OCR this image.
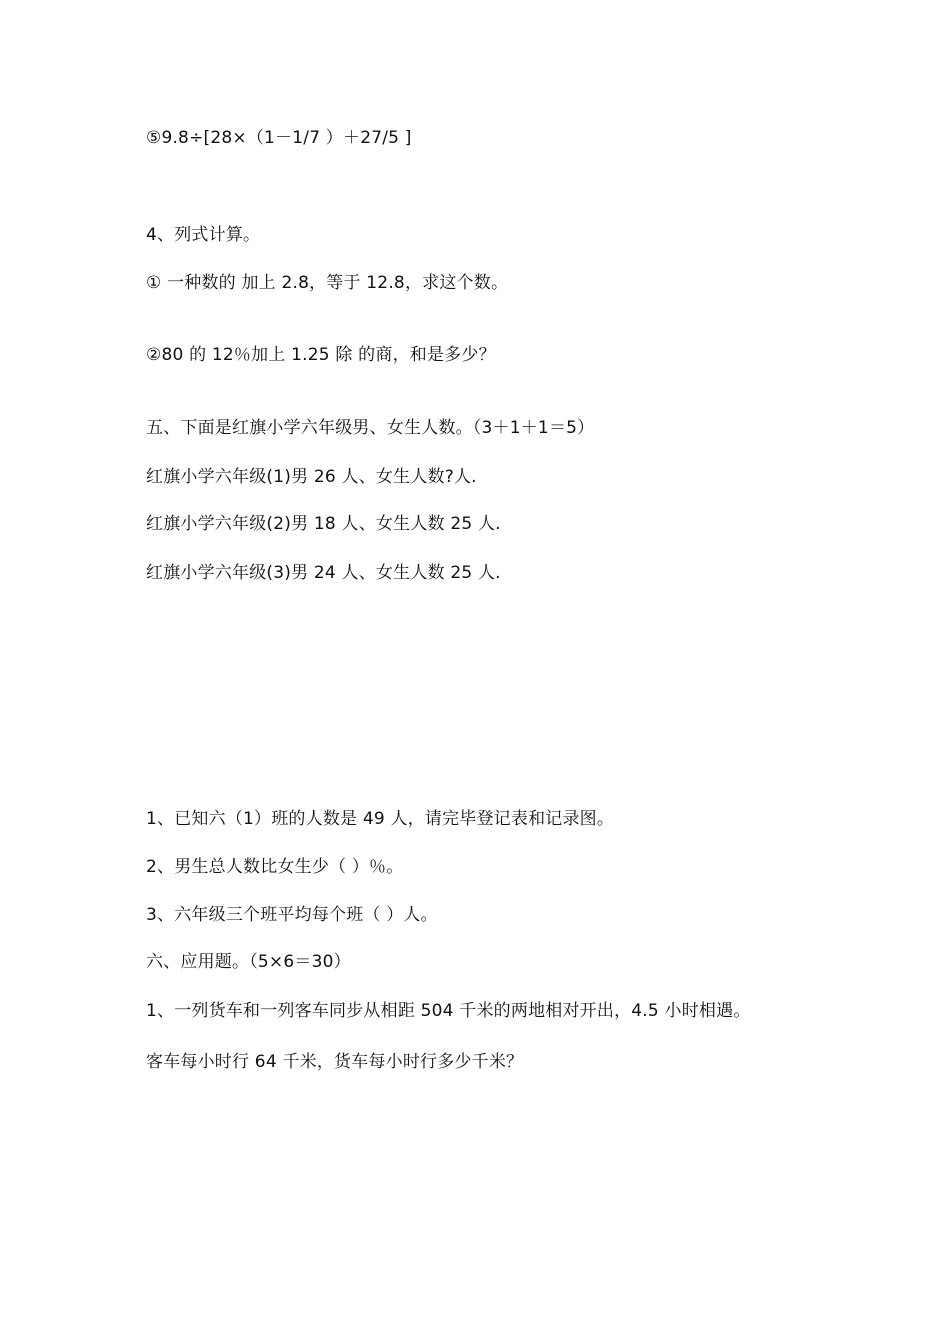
⑤9.8÷[28×（1－1/7 ）＋27/5 ]
4、列式计算。
① 一种数的 加上 2.8，等于 12.8，求这个数。
②80 的 12％加上 1.25 除 的商，和是多少？
五、下面是红旗小学六年级男、女生人数。（3＋1＋1＝5）
红旗小学六年级(1)男 26 人、女生人数?人.
红旗小学六年级(2)男 18 人、女生人数 25 人.
红旗小学六年级(3)男 24 人、女生人数 25 人.
1、已知六（1）班的人数是 49 人，请完毕登记表和记录图。
2、男生总人数比女生少（ ）％。
3、六年级三个班平均每个班（ ）人。
六、应用题。（5×6＝30）
1、一列货车和一列客车同步从相距 504 千米的两地相对开出，4.5 小时相遇。
客车每小时行 64 千米，货车每小时行多少千米？
